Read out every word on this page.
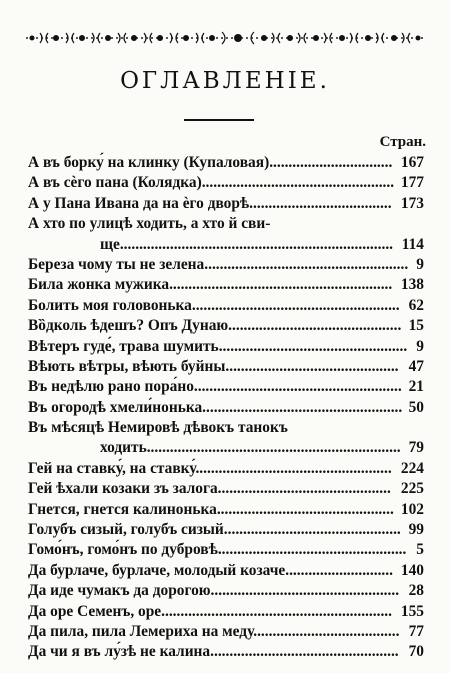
ОГЛАВЛЕНІЕ.
Стран.
А въ борку́ на клинку (Купаловая)................................ 167
А въ сѐго пана (Колядка).................................................. 177
А у Пана Ивана да на ѐго дворѣ..................................... 173
А хто по улицѣ ходить, а хто й сви-
ще....................................................................... 114
Береза чому ты не зелена..................................................... 9
Била жонка мужика.......................................................... 138
Болить моя головонька...................................................... 62
Вȍдколь ѣдешъ? Опъ Дунаю............................................. 15
Вѣтеръ гуде́, трава шумить................................................. 9
Вѣють вѣтры, вѣють буйны............................................. 47
Въ недѣлю рано пора́но...................................................... 21
Въ огородѣ хмели́нонька.................................................... 50
Въ мѣсяцѣ Немировѣ дѣвокъ танокъ
ходить.................................................................. 79
Гей на ставку́, на ставку́................................................... 224
Гей ѣхали козаки зъ залога............................................. 225
Гнется, гнется калинонька.............................................. 102
Голубъ сизый, голубъ сизый.............................................. 99
Гомо́нъ, гомо́нъ по дубровѣ................................................. 5
Да бурлаче, бурлаче, молодый козаче............................ 140
Да иде чумакъ да дорогою................................................. 28
Да оре Семенъ, оре............................................................ 155
Да пила, пила Лемериха на меду...................................... 77
Да чи я въ лу́зѣ не калина................................................. 70
